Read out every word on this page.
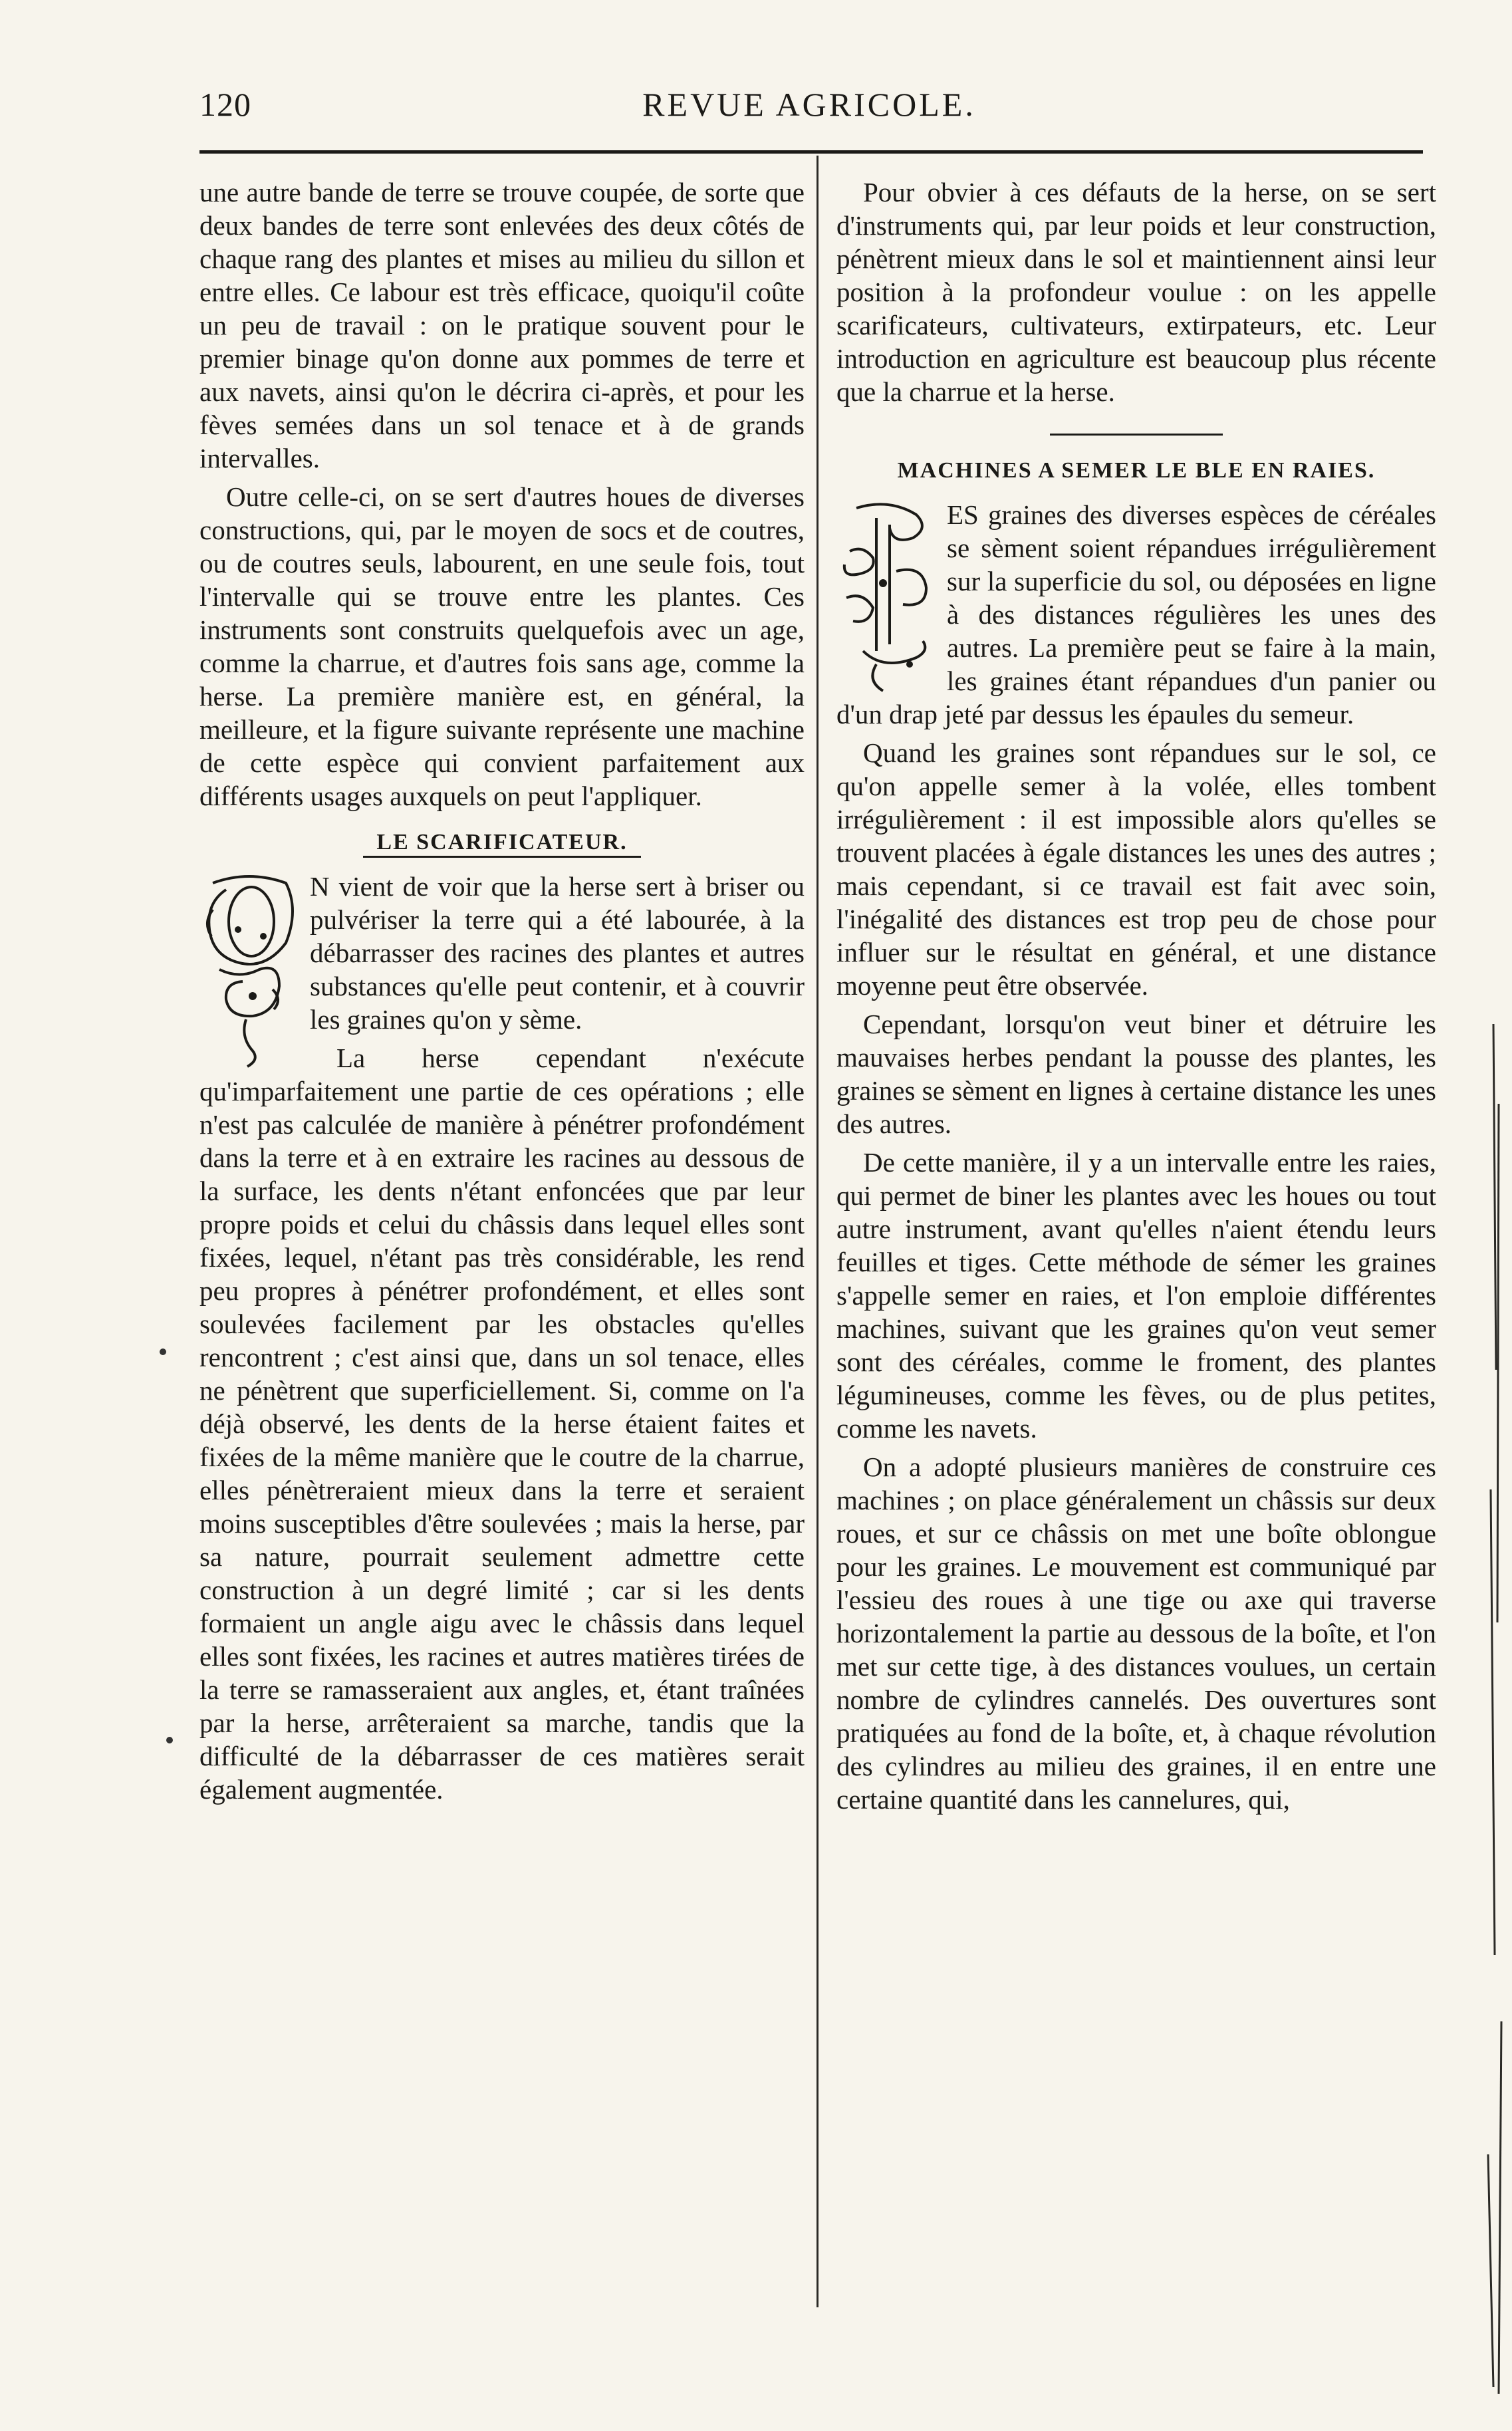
120	REVUE AGRICOLE.

une autre bande de terre se trouve coupée, de sorte que deux bandes de terre sont enlevées des deux côtés de chaque rang des plantes et mises au milieu du sillon et entre elles. Ce labour est très efficace, quoiqu'il coûte un peu de travail : on le pratique souvent pour le premier binage qu'on donne aux pommes de terre et aux navets, ainsi qu'on le décrira ci-après, et pour les fèves semées dans un sol tenace et à de grands intervalles.

Outre celle-ci, on se sert d'autres houes de diverses constructions, qui, par le moyen de socs et de coutres, ou de coutres seuls, labourent, en une seule fois, tout l'intervalle qui se trouve entre les plantes. Ces instruments sont construits quelquefois avec un age, comme la charrue, et d'autres fois sans age, comme la herse. La première manière est, en général, la meilleure, et la figure suivante représente une machine de cette espèce qui convient parfaitement aux différents usages auxquels on peut l'appliquer.

LE SCARIFICATEUR.

N vient de voir que la herse sert à briser ou pulvériser la terre qui a été labourée, à la débarrasser des racines des plantes et autres substances qu'elle peut contenir, et à couvrir les graines qu'on y sème.

La herse cependant n'exécute qu'imparfaitement une partie de ces opérations ; elle n'est pas calculée de manière à pénétrer profondément dans la terre et à en extraire les racines au dessous de la surface, les dents n'étant enfoncées que par leur propre poids et celui du châssis dans lequel elles sont fixées, lequel, n'étant pas très considérable, les rend peu propres à pénétrer profondément, et elles sont soulevées facilement par les obstacles qu'elles rencontrent ; c'est ainsi que, dans un sol tenace, elles ne pénètrent que superficiellement. Si, comme on l'a déjà observé, les dents de la herse étaient faites et fixées de la même manière que le coutre de la charrue, elles pénètreraient mieux dans la terre et seraient moins susceptibles d'être soulevées ; mais la herse, par sa nature, pourrait seulement admettre cette construction à un degré limité ; car si les dents formaient un angle aigu avec le châssis dans lequel elles sont fixées, les racines et autres matières tirées de la terre se ramasseraient aux angles, et, étant traînées par la herse, arrêteraient sa marche, tandis que la difficulté de la débarrasser de ces matières serait également augmentée.

Pour obvier à ces défauts de la herse, on se sert d'instruments qui, par leur poids et leur construction, pénètrent mieux dans le sol et maintiennent ainsi leur position à la profondeur voulue : on les appelle scarificateurs, cultivateurs, extirpateurs, etc. Leur introduction en agriculture est beaucoup plus récente que la charrue et la herse.

MACHINES A SEMER LE BLE EN RAIES.

ES graines des diverses espèces de céréales se sèment soient répandues irrégulièrement sur la superficie du sol, ou déposées en ligne à des distances régulières les unes des autres. La première peut se faire à la main, les graines étant répandues d'un panier ou d'un drap jeté par dessus les épaules du semeur.

Quand les graines sont répandues sur le sol, ce qu'on appelle semer à la volée, elles tombent irrégulièrement : il est impossible alors qu'elles se trouvent placées à égale distances les unes des autres ; mais cependant, si ce travail est fait avec soin, l'inégalité des distances est trop peu de chose pour influer sur le résultat en général, et une distance moyenne peut être observée.

Cependant, lorsqu'on veut biner et détruire les mauvaises herbes pendant la pousse des plantes, les graines se sèment en lignes à certaine distance les unes des autres.

De cette manière, il y a un intervalle entre les raies, qui permet de biner les plantes avec les houes ou tout autre instrument, avant qu'elles n'aient étendu leurs feuilles et tiges. Cette méthode de sémer les graines s'appelle semer en raies, et l'on emploie différentes machines, suivant que les graines qu'on veut semer sont des céréales, comme le froment, des plantes légumineuses, comme les fèves, ou de plus petites, comme les navets.

On a adopté plusieurs manières de construire ces machines ; on place généralement un châssis sur deux roues, et sur ce châssis on met une boîte oblongue pour les graines. Le mouvement est communiqué par l'essieu des roues à une tige ou axe qui traverse horizontalement la partie au dessous de la boîte, et l'on met sur cette tige, à des distances voulues, un certain nombre de cylindres cannelés. Des ouvertures sont pratiquées au fond de la boîte, et, à chaque révolution des cylindres au milieu des graines, il en entre une certaine quantité dans les cannelures, qui,
